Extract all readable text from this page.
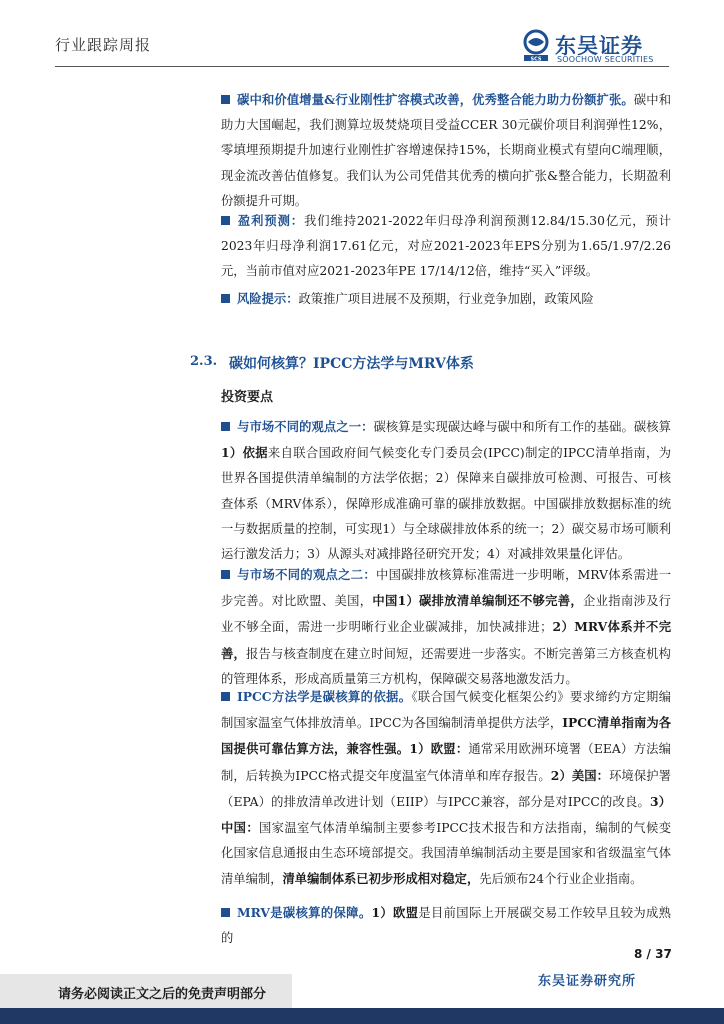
行业跟踪周报
SCS
东吴证券
SOOCHOW SECURITIES
碳中和价值增量&行业刚性扩容模式改善，优秀整合能力助力份额扩张。碳中和助力大国崛起，我们测算垃圾焚烧项目受益CCER 30元碳价项目利润弹性12%，零填埋预期提升加速行业刚性扩容增速保持15%，长期商业模式有望向C端理顺，现金流改善估值修复。我们认为公司凭借其优秀的横向扩张&整合能力，长期盈利份额提升可期。
盈利预测：我们维持2021-2022年归母净利润预测12.84/15.30亿元，预计2023年归母净利润17.61亿元，对应2021-2023年EPS分别为1.65/1.97/2.26元，当前市值对应2021-2023年PE 17/14/12倍，维持“买入”评级。
风险提示：政策推广项目进展不及预期，行业竞争加剧，政策风险
2.3. 碳如何核算？IPCC方法学与MRV体系
投资要点
与市场不同的观点之一：碳核算是实现碳达峰与碳中和所有工作的基础。碳核算1）依据来自联合国政府间气候变化专门委员会(IPCC)制定的IPCC清单指南，为世界各国提供清单编制的方法学依据；2）保障来自碳排放可检测、可报告、可核查体系（MRV体系），保障形成准确可靠的碳排放数据。中国碳排放数据标准的统一与数据质量的控制，可实现1）与全球碳排放体系的统一；2）碳交易市场可顺利运行激发活力；3）从源头对减排路径研究开发；4）对减排效果量化评估。
与市场不同的观点之二：中国碳排放核算标准需进一步明晰，MRV体系需进一步完善。对比欧盟、美国，中国1）碳排放清单编制还不够完善，企业指南涉及行业不够全面，需进一步明晰行业企业碳减排，加快减排进；2）MRV体系并不完善，报告与核查制度在建立时间短，还需要进一步落实。不断完善第三方核查机构的管理体系，形成高质量第三方机构，保障碳交易落地激发活力。
IPCC方法学是碳核算的依据。《联合国气候变化框架公约》要求缔约方定期编制国家温室气体排放清单。IPCC为各国编制清单提供方法学，IPCC清单指南为各国提供可靠估算方法，兼容性强。1）欧盟：通常采用欧洲环境署（EEA）方法编制，后转换为IPCC格式提交年度温室气体清单和库存报告。2）美国：环境保护署（EPA）的排放清单改进计划（EIIP）与IPCC兼容，部分是对IPCC的改良。3）中国：国家温室气体清单编制主要参考IPCC技术报告和方法指南，编制的气候变化国家信息通报由生态环境部提交。我国清单编制活动主要是国家和省级温室气体清单编制，清单编制体系已初步形成相对稳定，先后颁布24个行业企业指南。
MRV是碳核算的保障。1）欧盟是目前国际上开展碳交易工作较早且较为成熟的
8 / 37
请务必阅读正文之后的免责声明部分
东吴证券研究所
